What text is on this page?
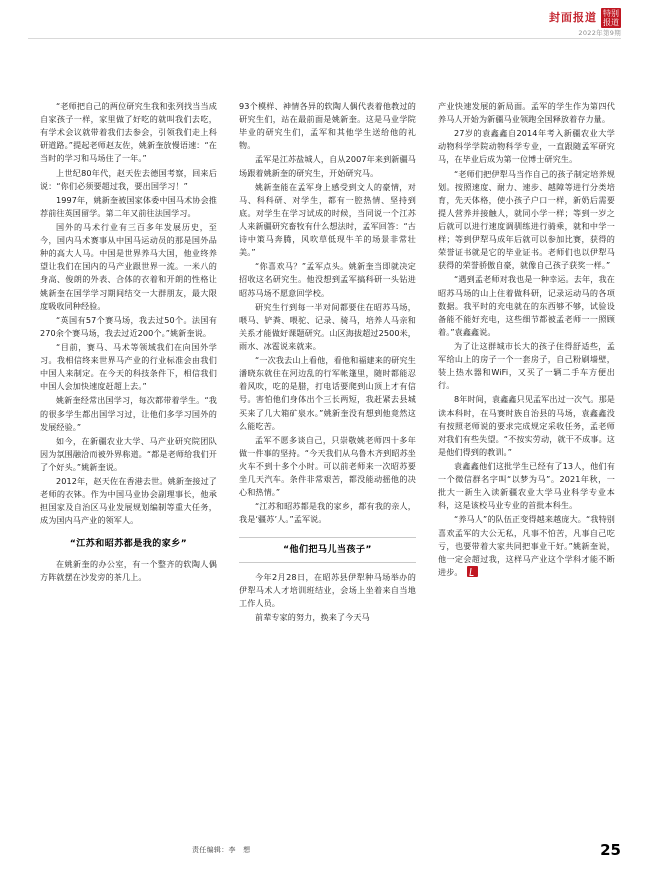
封面报道 特别
报道
2022年第9期

“老师把自己的两位研究生我和张列找当当成自家孩子一样，家里做了好吃的就叫我们去吃，有学术会议就带着我们去参会，引领我们走上科研道路。”提起老师赵友佐，姚新奎放慢语速：“在当时的学习和马场住了一年。”

上世纪80年代，赵天佐去德国考察，回来后说：“你们必须要超过我，要出国学习！”

1997年，姚新奎被国家体委中国马术协会推荐前往英国留学。第二年又前往法国学习。

国外的马术行业有三百多年发展历史，至今，国内马术赛事从中国马运动员的那是国外品种的高大人马。中国是世界养马大国，他业终养望让我们在国内的马产业跟世界一流。一米八的身高、俊朗的外表、合体的衣着和开朗的性格让姚新奎在国学学习期间结交一大群朋友，最大限度吸收同种经验。

“英国有57个赛马场，我去过50个。法国有270余个赛马场，我去过近200个。”姚新奎说。

“目前，赛马、马术等领域我们在向国外学习。我相信终来世界马产业的行业标准会由我们中国人来制定。在今天的科技条件下，相信我们中国人会加快速度赶超上去。”

姚新奎经常出国学习，每次都带着学生。“我的很多学生都出国学习过，让他们多学习国外的发展经验。”

如今，在新疆农业大学、马产业研究院团队因为氛围融洽而被外界称道。“都是老师给我们开了个好头。”姚新奎说。

2012年，赵天佐在香港去世。姚新奎接过了老师的衣钵。作为中国马业协会副理事长，他承担国家及自治区马业发展规划编制等重大任务，成为国内马产业的领军人。

“江苏和昭苏都是我的家乡”

在姚新奎的办公室，有一个整齐的软陶人偶方阵就摆在沙发旁的茶几上。

93个模样、神情各异的软陶人偶代表着他教过的研究生们，站在最前面是姚新奎。这是马业学院毕业的研究生们，孟军和其他学生送给他的礼物。

孟军是江苏盐城人，自从2007年来到新疆马场跟着姚新奎的研究生，开始研究马。

姚新奎能在孟军身上感受到文人的豪情，对马、科科研、对学生，都有一腔热情、坚持到底。对学生在学习试成的时候，当同说一个江苏人来新疆研究畜牧有什么想法时，孟军回答：“古诗中策马奔腾，风吹草低现牛羊的场景非常壮美。”

“你喜欢马？”孟军点头。姚新奎当即就决定招收这名研究生。他没想到孟军搞科研一头钻进昭苏马场不愿意回学校。

研究生行到每一半对间都要住在昭苏马场，喂马、铲粪、喂驼、记录、骑马，培养人马亲和关系才能做好课题研究。山区海拔超过2500米，雨水、冰雹说来就来。

“一次我去山上看他，看他和福建来的研究生潘晓东就住在河边乱的行军帐篷里，随时都能忍着风吹，吃的是腊，打电话要爬到山顶上才有信号。害怕他们身体出个三长两短，我赶紧去县城买来了几大箱矿泉水。”姚新奎没有想到他竟然这么能吃苦。

孟军不愿多谈自己，只崇敬姚老师四十多年做一件事的坚持。“今天我们从乌鲁木齐到昭苏坐火车不到十多个小时。可以前老师来一次昭苏要坐几天汽车。条件非常艰苦，都没能动摇他的决心和热情。”

“江苏和昭苏都是我的家乡，都有我的亲人，我是‘疆苏’人。”孟军说。

“他们把马儿当孩子”

今年2月28日，在昭苏县伊犁种马场举办的伊犁马术人才培训班结业，会场上坐着来自当地工作人员。

前辈专家的努力，换来了今天马

产业快速发展的新局面。孟军的学生作为第四代养马人开始为新疆马业领跑全国释放着存力量。

27岁的袁鑫鑫自2014年考入新疆农业大学动物科学学院动物科学专业，一直跟随孟军研究马，在毕业后成为第一位博士研究生。

“老师们把伊犁马当作自己的孩子制定培养规划。按照速度、耐力、速步、越障等进行分类培育，先天体格，使小孩子户口一样，新奶后需要提人营养并接触人，就同小学一样；等到一岁之后就可以进行速度调驯练进行骑乘，就和中学一样；等到伊犁马成年后就可以参加比赛，获得的荣誉证书就是它的毕业证书。老师们也以伊犁马获得的荣誉骄傲自豪，就像自己孩子获奖一样。”

“遇到孟老师对我也是一种幸运。去年，我在昭苏马场的山上住着做科研，记录运动马的各项数据。我平时的充电就在的东西够不够，试验设备能不能好充电，这些细节都被孟老师一一照顾着。”袁鑫鑫说。

为了让这群城市长大的孩子住得舒适些，孟军给山上的房子一个一套房子，自己粉刷墙壁，装上热水器和WiFi，又买了一辆二手车方便出行。

8年时间，袁鑫鑫只见孟军出过一次气。那是读本科时，在马赛时族自治县的马场，袁鑫鑫没有按照老师说的要求完成规定采收任务，孟老师对我们有些失望。“不按实劳动，就干不成事。这是他们得到的教训。”

袁鑫鑫他们这批学生已经有了13人，他们有一个微信群名字叫“以梦为马”。2021年秋，一批大一新生入读新疆农业大学马业科学专业本科，这是该校马业专业的首批本科生。

“养马人”的队伍正变得越来越庞大。“我特别喜欢孟军的大公无私，凡事不怕苦，凡事自己吃亏，也要带着大家共同把事业干好。”姚新奎说，他一定会超过我，这样马产业这个学科才能不断进步。

责任编辑：李　想	25
